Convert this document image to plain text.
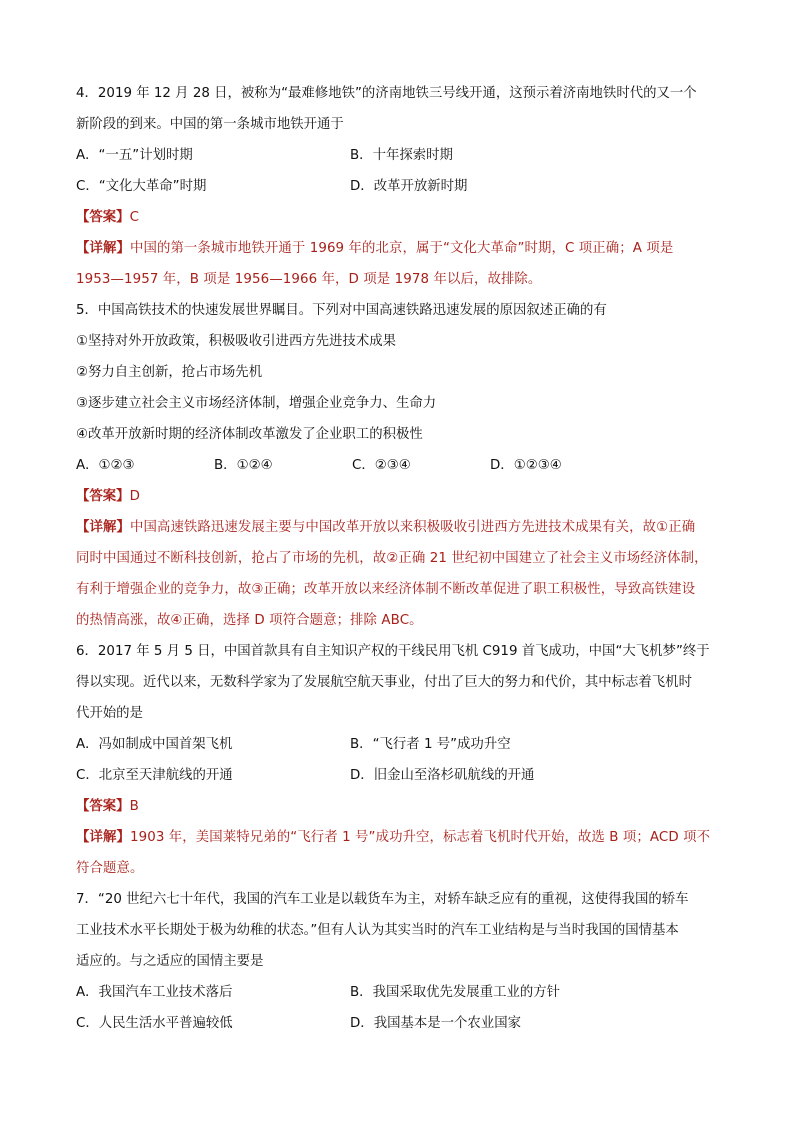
4．2019 年 12 月 28 日，被称为“最难修地铁”的济南地铁三号线开通，这预示着济南地铁时代的又一个
新阶段的到来。中国的第一条城市地铁开通于
A．“一五”计划时期	B．十年探索时期
C．“文化大革命”时期	D．改革开放新时期
【答案】C
【详解】中国的第一条城市地铁开通于 1969 年的北京，属于“文化大革命”时期，C 项正确；A 项是
1953—1957 年，B 项是 1956—1966 年，D 项是 1978 年以后，故排除。
5．中国高铁技术的快速发展世界瞩目。下列对中国高速铁路迅速发展的原因叙述正确的有
①坚持对外开放政策，积极吸收引进西方先进技术成果
②努力自主创新，抢占市场先机
③逐步建立社会主义市场经济体制，增强企业竞争力、生命力
④改革开放新时期的经济体制改革激发了企业职工的积极性
A．①②③	B．①②④	C．②③④	D．①②③④
【答案】D
【详解】中国高速铁路迅速发展主要与中国改革开放以来积极吸收引进西方先进技术成果有关，故①正确
同时中国通过不断科技创新，抢占了市场的先机，故②正确 21 世纪初中国建立了社会主义市场经济体制，
有利于增强企业的竞争力，故③正确；改革开放以来经济体制不断改革促进了职工积极性，导致高铁建设
的热情高涨，故④正确，选择 D 项符合题意；排除 ABC。
6．2017 年 5 月 5 日，中国首款具有自主知识产权的干线民用飞机 C919 首飞成功，中国“大飞机梦”终于
得以实现。近代以来，无数科学家为了发展航空航天事业，付出了巨大的努力和代价，其中标志着飞机时
代开始的是
A．冯如制成中国首架飞机	B．“飞行者 1 号”成功升空
C．北京至天津航线的开通	D．旧金山至洛杉矶航线的开通
【答案】B
【详解】1903 年，美国莱特兄弟的“飞行者 1 号”成功升空，标志着飞机时代开始，故选 B 项；ACD 项不
符合题意。
7．“20 世纪六七十年代，我国的汽车工业是以载货车为主，对轿车缺乏应有的重视，这使得我国的轿车
工业技术水平长期处于极为幼稚的状态。”但有人认为其实当时的汽车工业结构是与当时我国的国情基本
适应的。与之适应的国情主要是
A．我国汽车工业技术落后	B．我国采取优先发展重工业的方针
C．人民生活水平普遍较低	D．我国基本是一个农业国家
